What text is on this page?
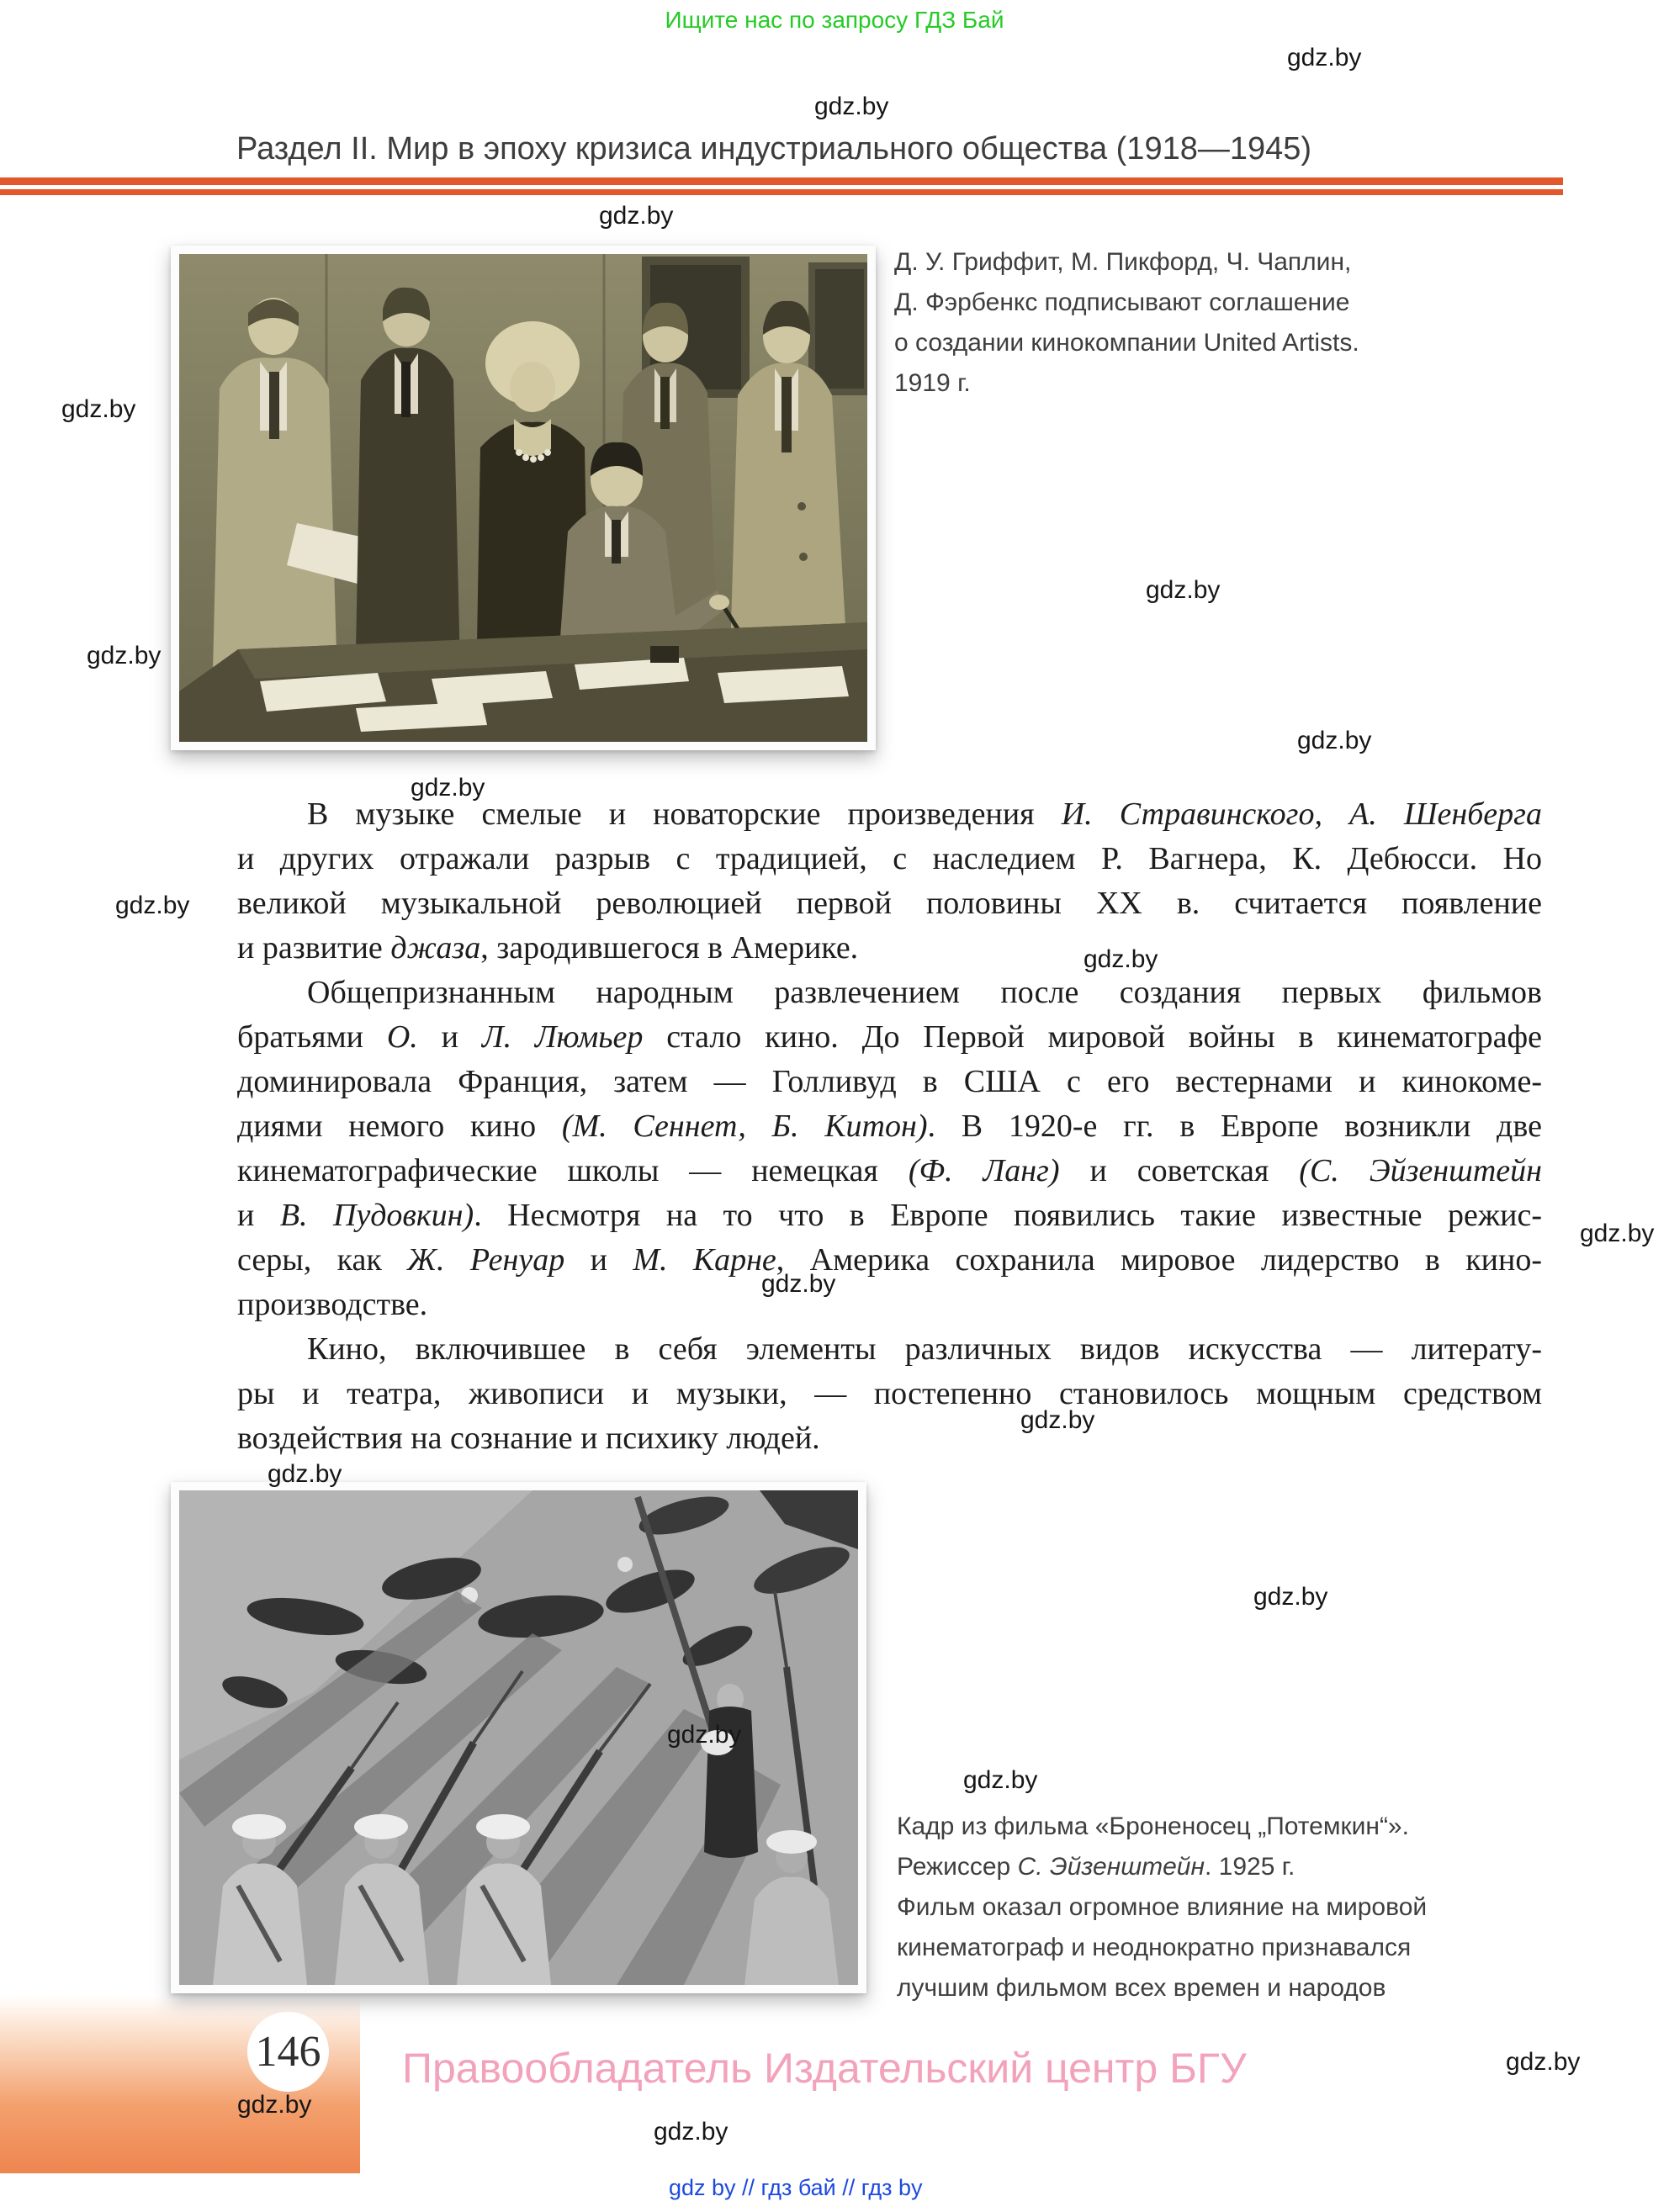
Ищите нас по запросу ГДЗ Бай
Раздел II. Мир в эпоху кризиса индустриального общества (1918—1945)
Д. У. Гриффит, М. Пикфорд, Ч. Чаплин,
Д. Фэрбенкс подписывают соглашение
о создании кинокомпании United Artists.
1919 г.
В музыке смелые и новаторские произведения И. Стравинского, А. Шенберга
и других отражали разрыв с традицией, с наследием Р. Вагнера, К. Дебюсси. Но
великой музыкальной революцией первой половины XX в. считается появление
и развитие джаза, зародившегося в Америке.
Общепризнанным народным развлечением после создания первых фильмов
братьями О. и Л. Люмьер стало кино. До Первой мировой войны в кинематографе
доминировала Франция, затем — Голливуд в США с его вестернами и кинокоме-
диями немого кино (М. Сеннет, Б. Китон). В 1920-е гг. в Европе возникли две
кинематографические школы — немецкая (Ф. Ланг) и советская (С. Эйзенштейн
и В. Пудовкин). Несмотря на то что в Европе появились такие известные режис-
серы, как Ж. Ренуар и М. Карне, Америка сохранила мировое лидерство в кино-
производстве.
Кино, включившее в себя элементы различных видов искусства — литерату-
ры и театра, живописи и музыки, — постепенно становилось мощным средством
воздействия на сознание и психику людей.
Кадр из фильма «Броненосец „Потемкин“».
Режиссер С. Эйзенштейн. 1925 г.
Фильм оказал огромное влияние на мировой
кинематограф и неоднократно признавался
лучшим фильмом всех времен и народов
146 Правообладатель Издательский центр БГУ
gdz by // гдз бай // гдз by
gdz.by
gdz.by
gdz.by
gdz.by
gdz.by
gdz.by
gdz.by
gdz.by
gdz.by
gdz.by
gdz.by
gdz.by
gdz.by
gdz.by
gdz.by
gdz.by
gdz.by
gdz.by
gdz.by
gdz.by
